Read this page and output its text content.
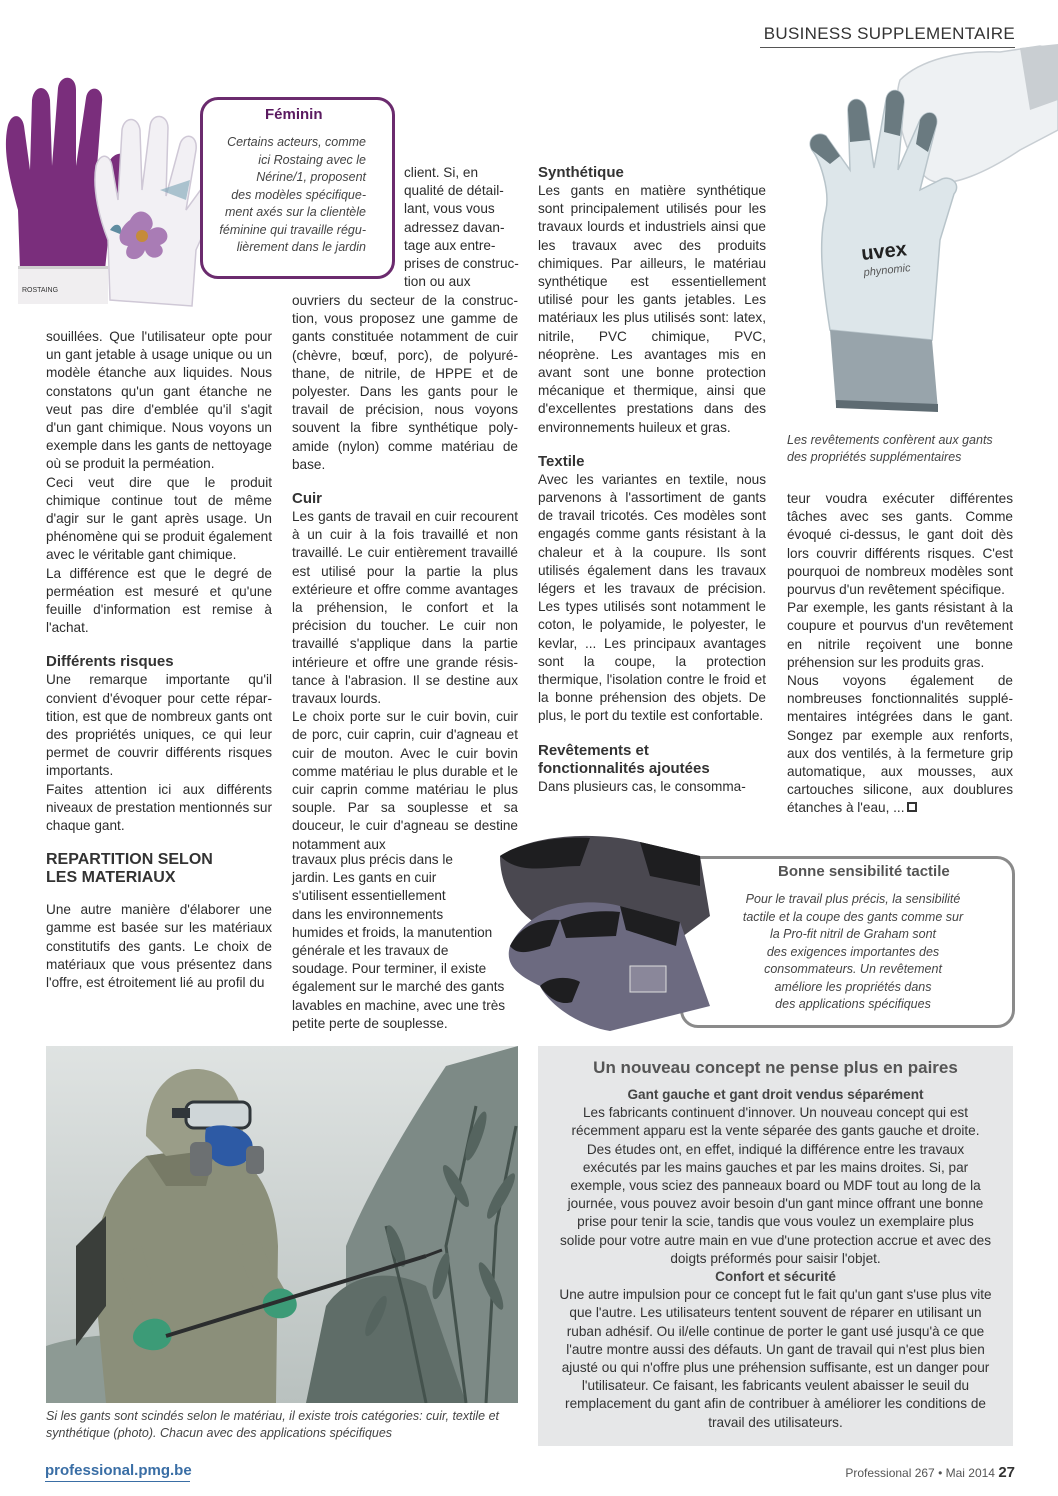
BUSINESS SUPPLEMENTAIRE
ROSTAING
Féminin
Certains acteurs, comme
ici Rostaing avec le
Nérine/1, proposent
des modèles spécifique-
ment axés sur la clientèle
féminine qui travaille régu-
lièrement dans le jardin

souillées. Que l'utilisateur opte pour un gant jetable à usage unique ou un modèle étanche aux liquides. Nous constatons qu'un gant étanche ne veut pas dire d'emblée qu'il s'agit d'un gant chimique. Nous voyons un exemple dans les gants de nettoyage où se produit la perméation.

Ceci veut dire que le produit chimique continue tout de même d'agir sur le gant après usage. Un phénomène qui se produit également avec le véritable gant chimique.

La différence est que le degré de perméation est mesuré et qu'une feuille d'information est remise à l'achat.

Différents risques

Une remarque importante qu'il convient d'évoquer pour cette répartition, est que de nombreux gants ont des propriétés uniques, ce qui leur permet de couvrir différents risques importants.

Faites attention ici aux différents niveaux de prestation mentionnés sur chaque gant.

REPARTITION SELON
LES MATERIAUX

Une autre manière d'élaborer une gamme est basée sur les matériaux constitutifs des gants. Le choix de matériaux que vous présentez dans l'offre, est étroitement lié au profil du

client. Si, en

qualité de détail-

lant, vous vous

adressez davan-

tage aux entre-

prises de construc-

tion ou aux

ouvriers du secteur de la construction, vous proposez une gamme de gants constituée notamment de cuir (chèvre, bœuf, porc), de polyuréthane, de nitrile, de HPPE et de polyester. Dans les gants pour le travail de précision, nous voyons souvent la fibre synthétique polyamide (nylon) comme matériau de base.

Cuir

Les gants de travail en cuir recourent à un cuir à la fois travaillé et non travaillé. Le cuir entièrement travaillé est utilisé pour la partie la plus extérieure et offre comme avantages la préhension, le confort et la précision du toucher. Le cuir non travaillé s'applique dans la partie intérieure et offre une grande résistance à l'abrasion. Il se destine aux travaux lourds.

Le choix porte sur le cuir bovin, cuir de porc, cuir caprin, cuir d'agneau et cuir de mouton. Avec le cuir bovin comme matériau le plus durable et le cuir caprin comme matériau le plus souple. Par sa souplesse et sa douceur, le cuir d'agneau se destine notamment aux

travaux plus précis dans le

jardin. Les gants en cuir

s'utilisent essentiellement

dans les environnements

humides et froids, la manutention

générale et les travaux de

soudage. Pour terminer, il existe

également sur le marché des gants

lavables en machine, avec une très

petite perte de souplesse.

Synthétique

Les gants en matière synthétique sont principalement utilisés pour les travaux lourds et industriels ainsi que les travaux avec des produits chimiques. Par ailleurs, le matériau synthétique est essentiellement utilisé pour les gants jetables. Les matériaux les plus utilisés sont: latex, nitrile, PVC chimique, PVC, néoprène. Les avantages mis en avant sont une bonne protection mécanique et thermique, ainsi que d'excellentes prestations dans des environnements huileux et gras.

Textile

Avec les variantes en textile, nous parvenons à l'assortiment de gants de travail tricotés. Ces modèles sont engagés comme gants résistant à la chaleur et à la coupure. Ils sont utilisés également dans les travaux légers et les travaux de précision. Les types utilisés sont notamment le coton, le polyamide, le polyester, le kevlar, ... Les principaux avantages sont la coupe, la protection thermique, l'isolation contre le froid et la bonne préhension des objets. De plus, le port du textile est confortable.

Revêtements et
fonctionnalités ajoutées

Dans plusieurs cas, le consomma-

uvex
phynomic
Les revêtements confèrent aux gants des propriétés supplémentaires

teur voudra exécuter différentes tâches avec ses gants. Comme évoqué ci-dessus, le gant doit dès lors couvrir différents risques. C'est pourquoi de nombreux modèles sont pourvus d'un revêtement spécifique.

Par exemple, les gants résistant à la coupure et pourvus d'un revêtement en nitrile reçoivent une bonne préhension sur les produits gras.

Nous voyons également de nombreuses fonctionnalités supplémentaires intégrées dans le gant. Songez par exemple aux renforts, aux dos ventilés, à la fermeture grip automatique, aux mousses, aux cartouches silicone, aux doublures étanches à l'eau, ...

Bonne sensibilité tactile
Pour le travail plus précis, la sensibilité
tactile et la coupe des gants comme sur
la Pro-fit nitril de Graham sont
des exigences importantes des
consommateurs. Un revêtement
améliore les propriétés dans
des applications spécifiques
Si les gants sont scindés selon le matériau, il existe trois catégories: cuir, textile et synthétique (photo). Chacun avec des applications spécifiques
Un nouveau concept ne pense plus en paires
Gant gauche et gant droit vendus séparément
Les fabricants continuent d'innover. Un nouveau concept qui est récemment apparu est la vente séparée des gants gauche et droite. Des études ont, en effet, indiqué la différence entre les travaux exécutés par les mains gauches et par les mains droites. Si, par exemple, vous sciez des panneaux board ou MDF tout au long de la journée, vous pouvez avoir besoin d'un gant mince offrant une bonne prise pour tenir la scie, tandis que vous voulez un exemplaire plus solide pour votre autre main en vue d'une protection accrue et avec des doigts préformés pour saisir l'objet.
Confort et sécurité
Une autre impulsion pour ce concept fut le fait qu'un gant s'use plus vite que l'autre. Les utilisateurs tentent souvent de réparer en utilisant un ruban adhésif. Ou il/elle continue de porter le gant usé jusqu'à ce que l'autre montre aussi des défauts. Un gant de travail qui n'est plus bien ajusté ou qui n'offre plus une préhension suffisante, est un danger pour l'utilisateur. Ce faisant, les fabricants veulent abaisser le seuil du remplacement du gant afin de contribuer à améliorer les conditions de travail des utilisateurs.
professional.pmg.be	Professional 267 • Mai 2014 27
